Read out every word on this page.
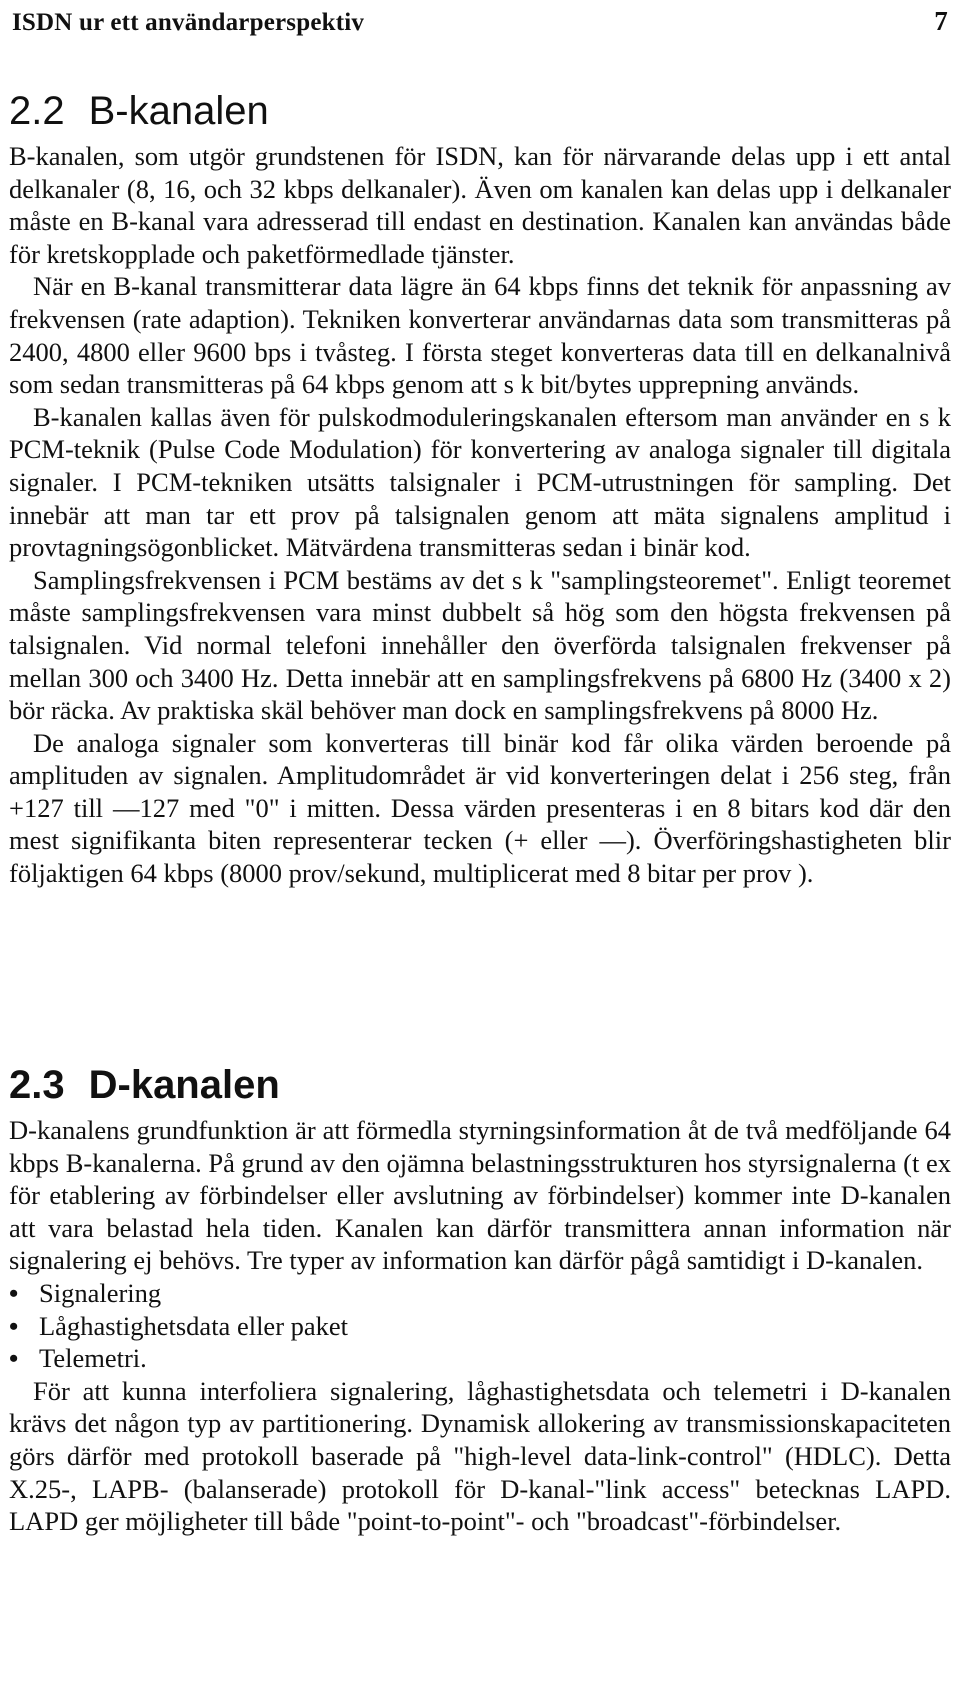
ISDN ur ett användarperspektiv	7
2.2 B-kanalen

B-kanalen, som utgör grundstenen för ISDN, kan för närvarande delas upp i ett antal delkanaler (8, 16, och 32 kbps delkanaler). Även om kanalen kan delas upp i delkanaler måste en B-kanal vara adresserad till endast en destination. Kanalen kan användas både för kretskopplade och paketförmedlade tjänster.

När en B-kanal transmitterar data lägre än 64 kbps finns det teknik för anpassning av frekvensen (rate adaption). Tekniken konverterar användarnas data som transmitteras på 2400, 4800 eller 9600 bps i tvåsteg. I första steget konverteras data till en delkanalnivå som sedan transmitteras på 64 kbps genom att s k bit/bytes upprepning används.

B-kanalen kallas även för pulskodmoduleringskanalen eftersom man använder en s k PCM-teknik (Pulse Code Modulation) för konvertering av analoga signaler till digitala signaler. I PCM-tekniken utsätts talsignaler i PCM-utrustningen för sampling. Det innebär att man tar ett prov på talsignalen genom att mäta signalens amplitud i provtagningsögonblicket. Mätvärdena transmitteras sedan i binär kod.

Samplingsfrekvensen i PCM bestäms av det s k "samplingsteoremet". Enligt teoremet måste samplingsfrekvensen vara minst dubbelt så hög som den högsta frekvensen på talsignalen. Vid normal telefoni innehåller den överförda talsignalen frekvenser på mellan 300 och 3400 Hz. Detta innebär att en samplingsfrekvens på 6800 Hz (3400 x 2) bör räcka. Av praktiska skäl behöver man dock en samplingsfrekvens på 8000 Hz.

De analoga signaler som konverteras till binär kod får olika värden beroende på amplituden av signalen. Amplitudområdet är vid konverteringen delat i 256 steg, från +127 till —127 med "0" i mitten. Dessa värden presenteras i en 8 bitars kod där den mest signifikanta biten representerar tecken (+ eller —). Överföringshastigheten blir följaktigen 64 kbps (8000 prov/sekund, multiplicerat med 8 bitar per prov ).

2.3 D-kanalen

D-kanalens grundfunktion är att förmedla styrningsinformation åt de två medföljande 64 kbps B-kanalerna. På grund av den ojämna belastningsstrukturen hos styrsignalerna (t ex för etablering av förbindelser eller avslutning av förbindelser) kommer inte D-kanalen att vara belastad hela tiden. Kanalen kan därför transmittera annan information när signalering ej behövs. Tre typer av information kan därför pågå samtidigt i D-kanalen.

• Signalering
• Låghastighetsdata eller paket
• Telemetri.

För att kunna interfoliera signalering, låghastighetsdata och telemetri i D-kanalen krävs det någon typ av partitionering. Dynamisk allokering av transmissionskapaciteten görs därför med protokoll baserade på "high-level data-link-control" (HDLC). Detta X.25-, LAPB- (balanserade) protokoll för D-kanal-"link access" betecknas LAPD. LAPD ger möjligheter till både "point-to-point"- och "broadcast"-förbindelser.
